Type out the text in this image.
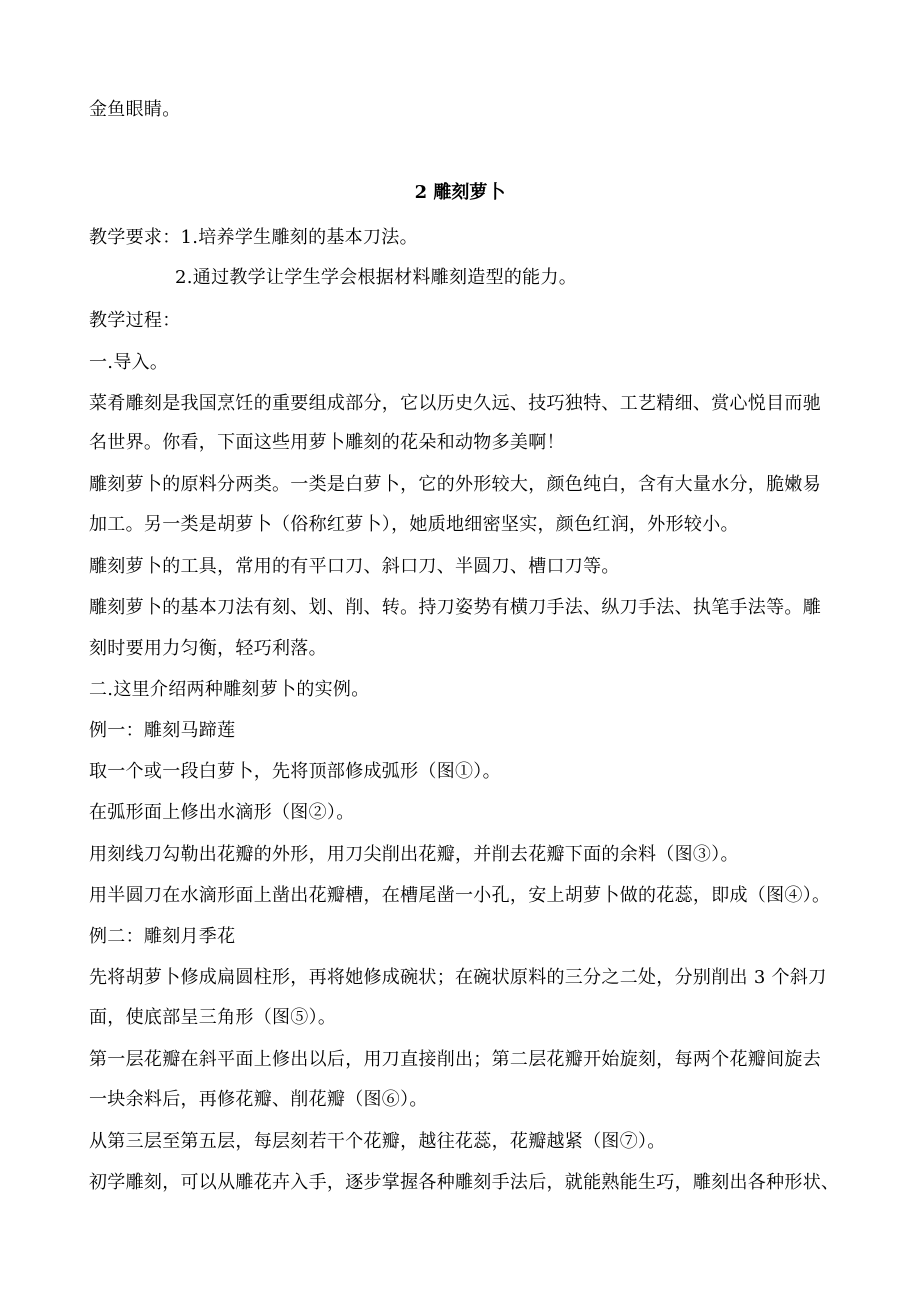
金鱼眼睛。
2 雕刻萝卜
教学要求：1.培养学生雕刻的基本刀法。
2.通过教学让学生学会根据材料雕刻造型的能力。
教学过程：
一.导入。
菜肴雕刻是我国烹饪的重要组成部分，它以历史久远、技巧独特、工艺精细、赏心悦目而驰
名世界。你看，下面这些用萝卜雕刻的花朵和动物多美啊！
雕刻萝卜的原料分两类。一类是白萝卜，它的外形较大，颜色纯白，含有大量水分，脆嫩易
加工。另一类是胡萝卜（俗称红萝卜），她质地细密坚实，颜色红润，外形较小。
雕刻萝卜的工具，常用的有平口刀、斜口刀、半圆刀、槽口刀等。
雕刻萝卜的基本刀法有刻、划、削、转。持刀姿势有横刀手法、纵刀手法、执笔手法等。雕
刻时要用力匀衡，轻巧利落。
二.这里介绍两种雕刻萝卜的实例。
例一：雕刻马蹄莲
取一个或一段白萝卜，先将顶部修成弧形（图①）。
在弧形面上修出水滴形（图②）。
用刻线刀勾勒出花瓣的外形，用刀尖削出花瓣，并削去花瓣下面的余料（图③）。
用半圆刀在水滴形面上凿出花瓣槽，在槽尾凿一小孔，安上胡萝卜做的花蕊，即成（图④）。
例二：雕刻月季花
先将胡萝卜修成扁圆柱形，再将她修成碗状；在碗状原料的三分之二处，分别削出 3 个斜刀
面，使底部呈三角形（图⑤）。
第一层花瓣在斜平面上修出以后，用刀直接削出；第二层花瓣开始旋刻，每两个花瓣间旋去
一块余料后，再修花瓣、削花瓣（图⑥）。
从第三层至第五层，每层刻若干个花瓣，越往花蕊，花瓣越紧（图⑦）。
初学雕刻，可以从雕花卉入手，逐步掌握各种雕刻手法后，就能熟能生巧，雕刻出各种形状、
